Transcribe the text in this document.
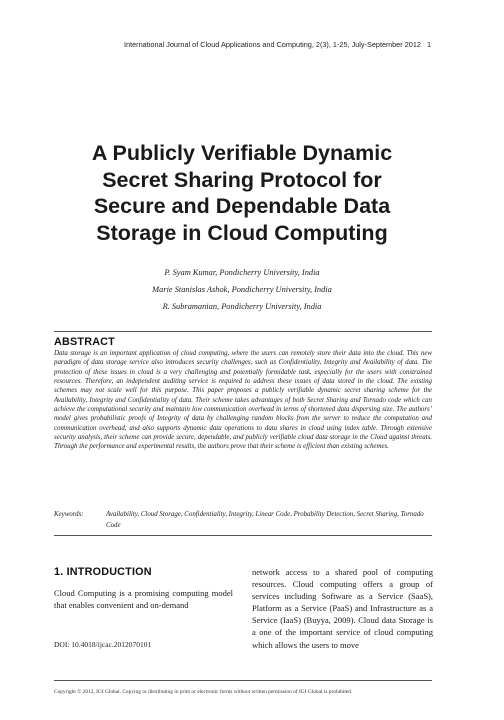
International Journal of Cloud Applications and Computing, 2(3), 1-25, July-September 2012 1
A Publicly Verifiable Dynamic
Secret Sharing Protocol for
Secure and Dependable Data
Storage in Cloud Computing
P. Syam Kumar, Pondicherry University, India
Marie Stanislas Ashok, Pondicherry University, India
R. Subramanian, Pondicherry University, India
ABSTRACT
Data storage is an important application of cloud computing, where the users can remotely store their data into the cloud. This new paradigm of data storage service also introduces security challenges, such as Confidentiality, Integrity and Availability of data. The protection of these issues in cloud is a very challenging and potentially formidable task, especially for the users with constrained resources. Therefore, an independent auditing service is required to address these issues of data stored in the cloud. The existing schemes may not scale well for this purpose. This paper proposes a publicly verifiable dynamic secret sharing scheme for the Availability, Integrity and Confidentiality of data. Their scheme takes advantages of both Secret Sharing and Tornado code which can achieve the computational security and maintain low communication overhead in terms of shortened data dispersing size. The authors’ model gives probabilistic proofs of Integrity of data by challenging random blocks from the server to reduce the computation and communication overhead, and also supports dynamic data operations to data shares in cloud using index table. Through extensive security analysis, their scheme can provide secure, dependable, and publicly verifiable cloud data storage in the Cloud against threats. Through the performance and experimental results, the authors prove that their scheme is efficient than existing schemes.
Keywords:	Availability, Cloud Storage, Confidentiality, Integrity, Linear Code, Probability Detection, Secret Sharing, Tornado Code
1. INTRODUCTION
Cloud Computing is a promising computing model that enables convenient and on-demand
network access to a shared pool of computing resources. Cloud computing offers a group of services including Software as a Service (SaaS), Platform as a Service (PaaS) and Infrastructure as a Service (IaaS) (Buyya, 2009). Cloud data Storage is a one of the important service of cloud computing which allows the users to move
DOI: 10.4018/ijcac.2012070101
Copyright © 2012, IGI Global. Copying or distributing in print or electronic forms without written permission of IGI Global is prohibited.
